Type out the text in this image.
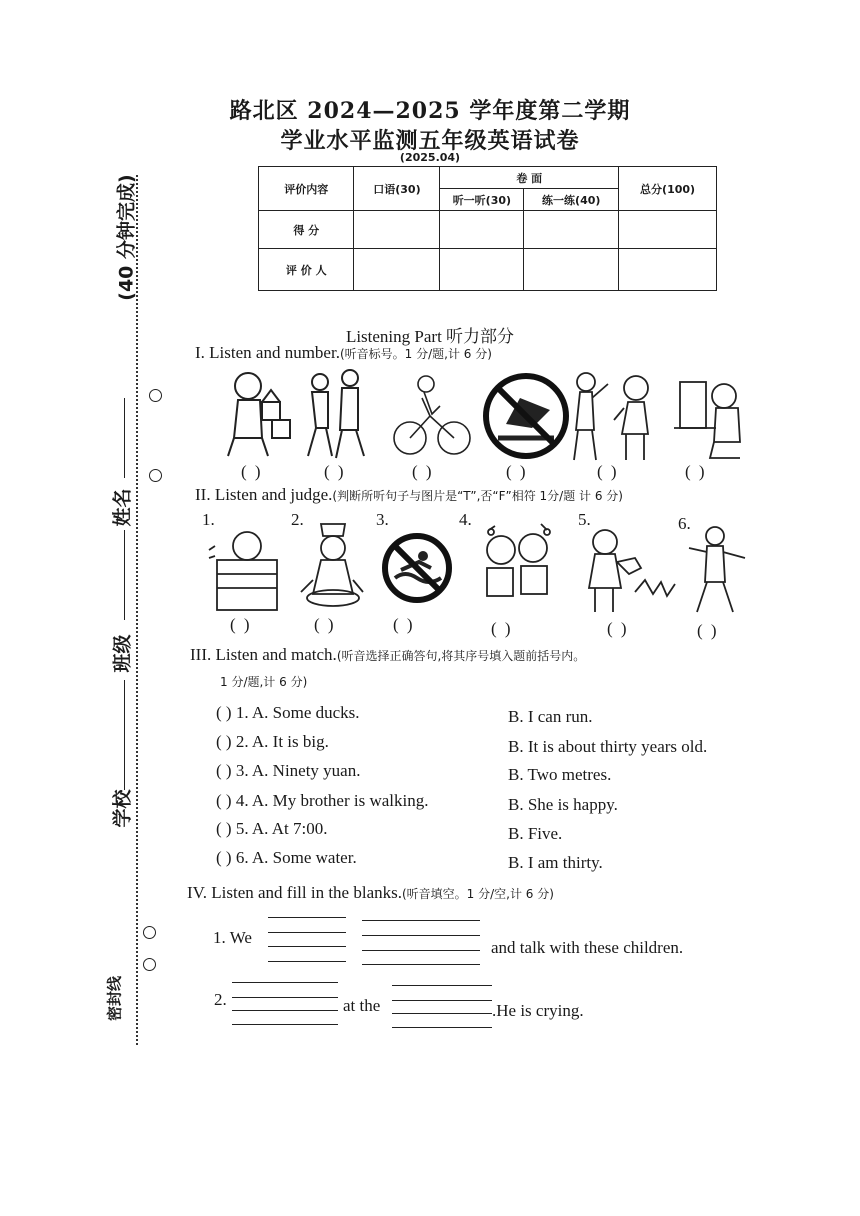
路北区 2024—2025 学年度第二学期
学业水平监测五年级英语试卷
(2025.04)
评价内容	口语(30)	卷 面		总分(100)
		听一听(30)	练一练(40)	
得 分				
评 价 人				
(40 分钟完成)
姓名
班级
学校
密封线
Listening Part 听力部分
I. Listen and number.(听音标号。1 分/题,计 6 分)
( )	( )	( )	( )	( )	( )
II. Listen and judge.(判断所听句子与图片是“T”,否“F”相符 1分/题 计 6 分)
1.	2.	3.	4.	5.	6.
( )	( )	( )	( )	( )	( )
III. Listen and match.(听音选择正确答句,将其序号填入题前括号内。
1 分/题,计 6 分)
( ) 1. A. Some ducks.	B. I can run.
( ) 2. A. It is big.	B. It is about thirty years old.
( ) 3. A. Ninety yuan.	B. Two metres.
( ) 4. A. My brother is walking.	B. She is happy.
( ) 5. A. At 7:00.	B. Five.
( ) 6. A. Some water.	B. I am thirty.
IV. Listen and fill in the blanks.(听音填空。1 分/空,计 6 分)
1. We
and talk with these children.
2.	at the	.He is crying.
